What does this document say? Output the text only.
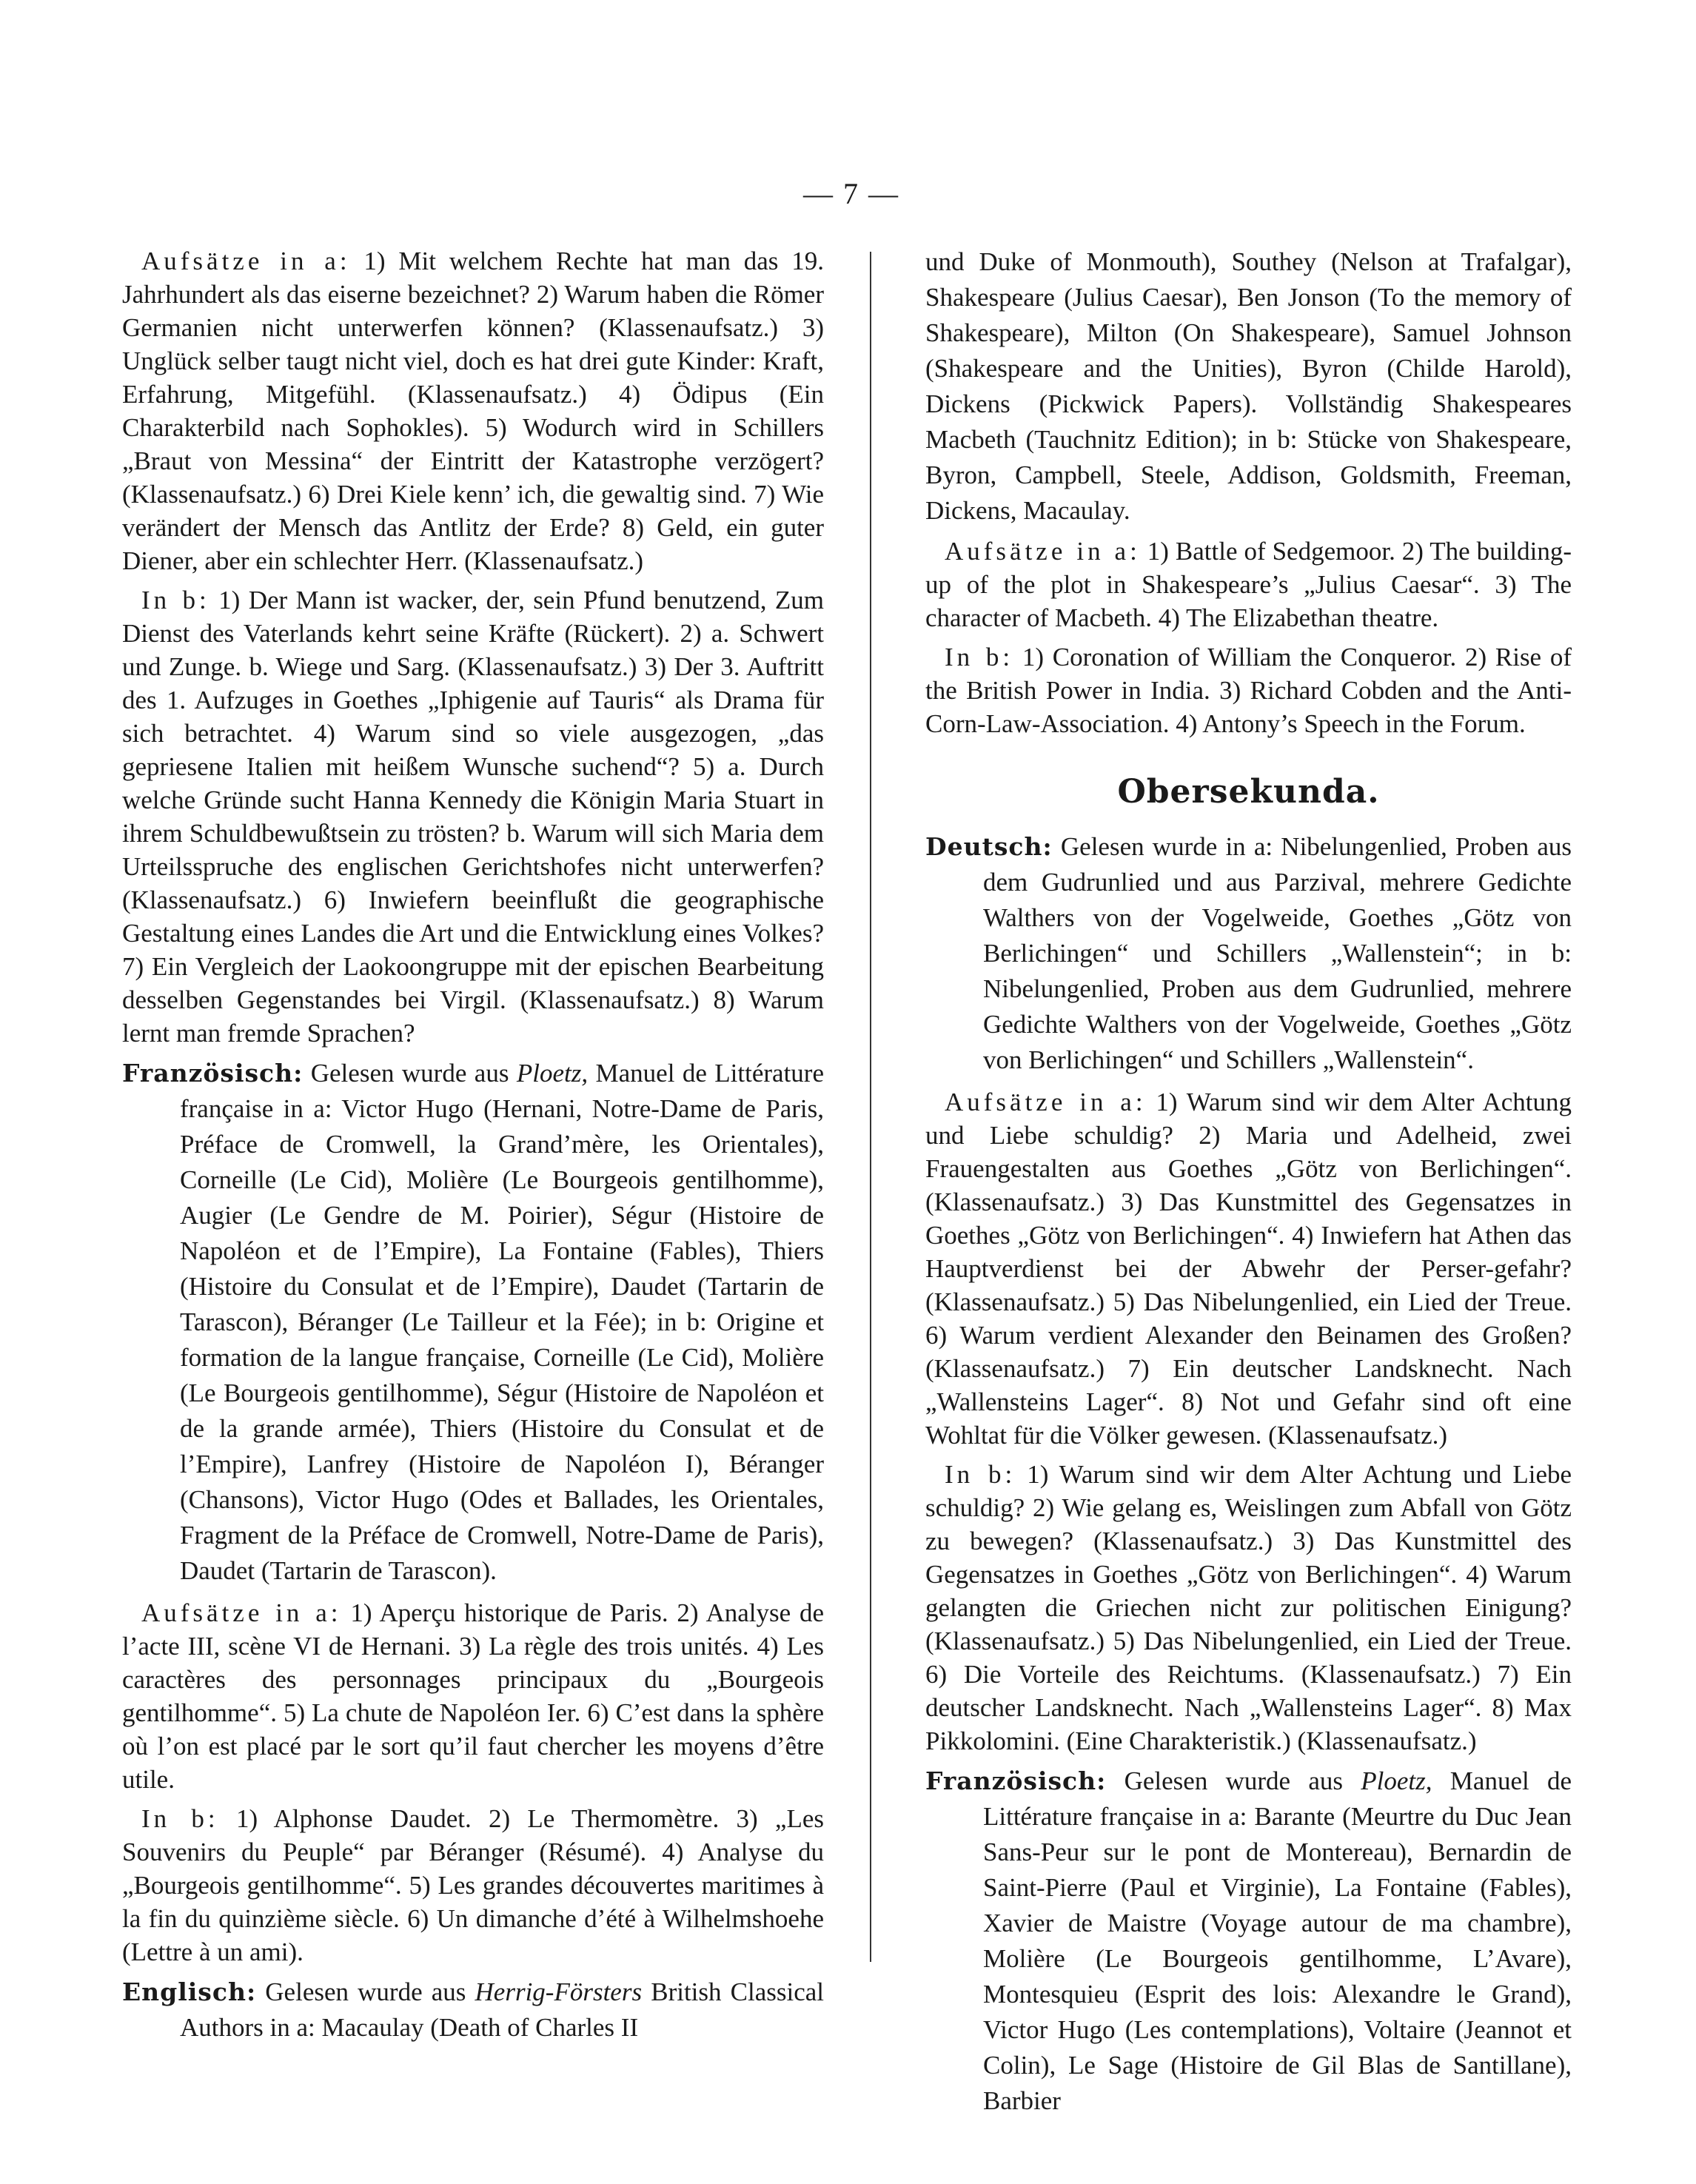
— 7 —

Aufsätze in a: 1) Mit welchem Rechte hat man das 19. Jahrhundert als das eiserne bezeichnet? 2) Warum haben die Römer Germanien nicht unterwerfen können? (Klassenaufsatz.) 3) Unglück selber taugt nicht viel, doch es hat drei gute Kinder: Kraft, Erfahrung, Mitgefühl. (Klassenaufsatz.) 4) Ödipus (Ein Charakterbild nach Sophokles). 5) Wodurch wird in Schillers „Braut von Messina“ der Eintritt der Katastrophe verzögert? (Klassenaufsatz.) 6) Drei Kiele kenn’ ich, die gewaltig sind. 7) Wie verändert der Mensch das Antlitz der Erde? 8) Geld, ein guter Diener, aber ein schlechter Herr. (Klassenaufsatz.)

In b: 1) Der Mann ist wacker, der, sein Pfund benutzend, Zum Dienst des Vaterlands kehrt seine Kräfte (Rückert). 2) a. Schwert und Zunge. b. Wiege und Sarg. (Klassenaufsatz.) 3) Der 3. Auftritt des 1. Aufzuges in Goethes „Iphigenie auf Tauris“ als Drama für sich betrachtet. 4) Warum sind so viele ausgezogen, „das gepriesene Italien mit heißem Wunsche suchend“? 5) a. Durch welche Gründe sucht Hanna Kennedy die Königin Maria Stuart in ihrem Schuldbewußtsein zu trösten? b. Warum will sich Maria dem Urteilsspruche des englischen Gerichtshofes nicht unterwerfen? (Klassenaufsatz.) 6) Inwiefern beeinflußt die geographische Gestaltung eines Landes die Art und die Entwicklung eines Volkes? 7) Ein Vergleich der Laokoongruppe mit der epischen Bearbeitung desselben Gegenstandes bei Virgil. (Klassenaufsatz.) 8) Warum lernt man fremde Sprachen?

Französisch: Gelesen wurde aus Ploetz, Manuel de Littérature française in a: Victor Hugo (Hernani, Notre-Dame de Paris, Préface de Cromwell, la Grand’mère, les Orientales), Corneille (Le Cid), Molière (Le Bourgeois gentilhomme), Augier (Le Gendre de M. Poirier), Ségur (Histoire de Napoléon et de l’Empire), La Fontaine (Fables), Thiers (Histoire du Consulat et de l’Empire), Daudet (Tartarin de Tarascon), Béranger (Le Tailleur et la Fée); in b: Origine et formation de la langue française, Corneille (Le Cid), Molière (Le Bourgeois gentilhomme), Ségur (Histoire de Napoléon et de la grande armée), Thiers (Histoire du Consulat et de l’Empire), Lanfrey (Histoire de Napoléon I), Béranger (Chansons), Victor Hugo (Odes et Ballades, les Orientales, Fragment de la Préface de Cromwell, Notre-Dame de Paris), Daudet (Tartarin de Tarascon).

Aufsätze in a: 1) Aperçu historique de Paris. 2) Analyse de l’acte III, scène VI de Hernani. 3) La règle des trois unités. 4) Les caractères des personnages principaux du „Bourgeois gentilhomme“. 5) La chute de Napoléon Ier. 6) C’est dans la sphère où l’on est placé par le sort qu’il faut chercher les moyens d’être utile.

In b: 1) Alphonse Daudet. 2) Le Thermomètre. 3) „Les Souvenirs du Peuple“ par Béranger (Résumé). 4) Analyse du „Bourgeois gentilhomme“. 5) Les grandes découvertes maritimes à la fin du quinzième siècle. 6) Un dimanche d’été à Wilhelmshoehe (Lettre à un ami).

Englisch: Gelesen wurde aus Herrig-Försters British Classical Authors in a: Macaulay (Death of Charles II

und Duke of Monmouth), Southey (Nelson at Trafalgar), Shakespeare (Julius Caesar), Ben Jonson (To the memory of Shakespeare), Milton (On Shakespeare), Samuel Johnson (Shakespeare and the Unities), Byron (Childe Harold), Dickens (Pickwick Papers). Vollständig Shakespeares Macbeth (Tauchnitz Edition); in b: Stücke von Shakespeare, Byron, Campbell, Steele, Addison, Goldsmith, Freeman, Dickens, Macaulay.

Aufsätze in a: 1) Battle of Sedgemoor. 2) The building-up of the plot in Shakespeare’s „Julius Caesar“. 3) The character of Macbeth. 4) The Elizabethan theatre.

In b: 1) Coronation of William the Conqueror. 2) Rise of the British Power in India. 3) Richard Cobden and the Anti-Corn-Law-Association. 4) Antony’s Speech in the Forum.

Obersekunda.

Deutsch: Gelesen wurde in a: Nibelungenlied, Proben aus dem Gudrunlied und aus Parzival, mehrere Gedichte Walthers von der Vogelweide, Goethes „Götz von Berlichingen“ und Schillers „Wallenstein“; in b: Nibelungenlied, Proben aus dem Gudrunlied, mehrere Gedichte Walthers von der Vogelweide, Goethes „Götz von Berlichingen“ und Schillers „Wallenstein“.

Aufsätze in a: 1) Warum sind wir dem Alter Achtung und Liebe schuldig? 2) Maria und Adelheid, zwei Frauengestalten aus Goethes „Götz von Berlichingen“. (Klassenaufsatz.) 3) Das Kunstmittel des Gegensatzes in Goethes „Götz von Berlichingen“. 4) Inwiefern hat Athen das Hauptverdienst bei der Abwehr der Perser-gefahr? (Klassenaufsatz.) 5) Das Nibelungenlied, ein Lied der Treue. 6) Warum verdient Alexander den Beinamen des Großen? (Klassenaufsatz.) 7) Ein deutscher Landsknecht. Nach „Wallensteins Lager“. 8) Not und Gefahr sind oft eine Wohltat für die Völker gewesen. (Klassenaufsatz.)

In b: 1) Warum sind wir dem Alter Achtung und Liebe schuldig? 2) Wie gelang es, Weislingen zum Abfall von Götz zu bewegen? (Klassenaufsatz.) 3) Das Kunstmittel des Gegensatzes in Goethes „Götz von Berlichingen“. 4) Warum gelangten die Griechen nicht zur politischen Einigung? (Klassenaufsatz.) 5) Das Nibelungenlied, ein Lied der Treue. 6) Die Vorteile des Reichtums. (Klassenaufsatz.) 7) Ein deutscher Landsknecht. Nach „Wallensteins Lager“. 8) Max Pikkolomini. (Eine Charakteristik.) (Klassenaufsatz.)

Französisch: Gelesen wurde aus Ploetz, Manuel de Littérature française in a: Barante (Meurtre du Duc Jean Sans-Peur sur le pont de Montereau), Bernardin de Saint-Pierre (Paul et Virginie), La Fontaine (Fables), Xavier de Maistre (Voyage autour de ma chambre), Molière (Le Bourgeois gentilhomme, L’Avare), Montesquieu (Esprit des lois: Alexandre le Grand), Victor Hugo (Les contemplations), Voltaire (Jeannot et Colin), Le Sage (Histoire de Gil Blas de Santillane), Barbier
